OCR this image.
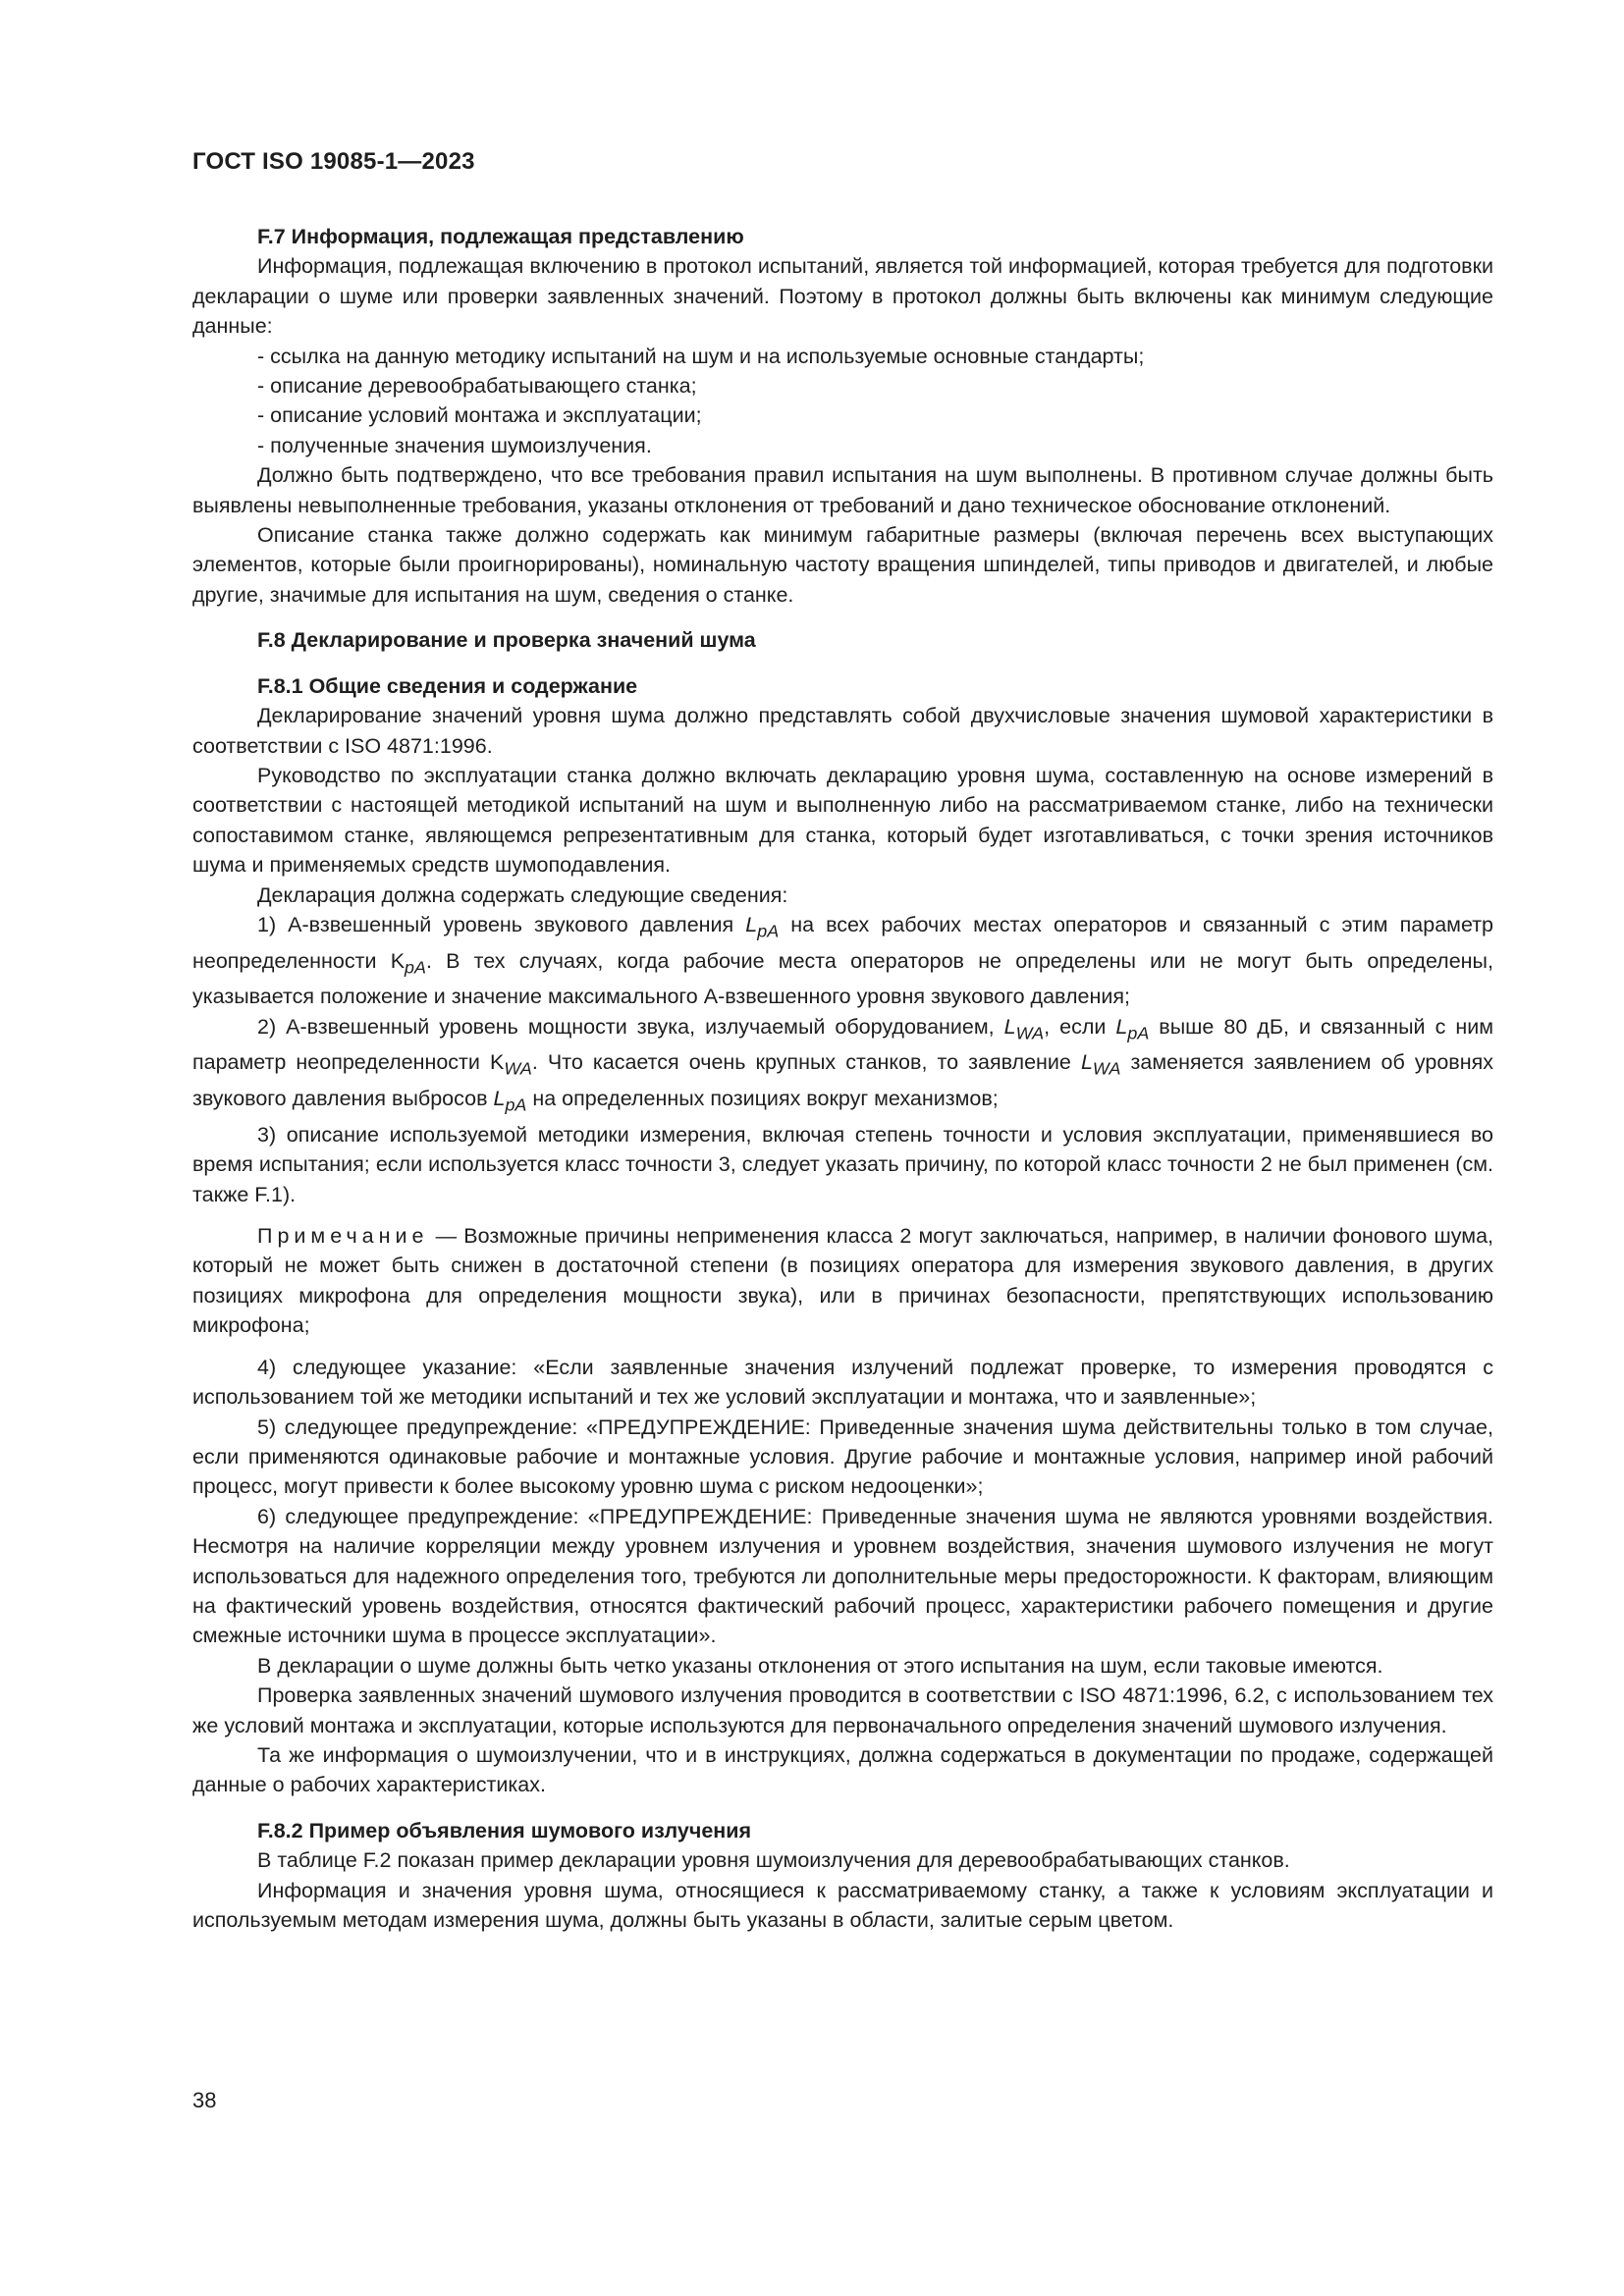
ГОСТ ISO 19085-1—2023

F.7 Информация, подлежащая представлению

Информация, подлежащая включению в протокол испытаний, является той информацией, которая требуется для подготовки декларации о шуме или проверки заявленных значений. Поэтому в протокол должны быть включены как минимум следующие данные:

- ссылка на данную методику испытаний на шум и на используемые основные стандарты;

- описание деревообрабатывающего станка;

- описание условий монтажа и эксплуатации;

- полученные значения шумоизлучения.

Должно быть подтверждено, что все требования правил испытания на шум выполнены. В противном случае должны быть выявлены невыполненные требования, указаны отклонения от требований и дано техническое обоснование отклонений.

Описание станка также должно содержать как минимум габаритные размеры (включая перечень всех выступающих элементов, которые были проигнорированы), номинальную частоту вращения шпинделей, типы приводов и двигателей, и любые другие, значимые для испытания на шум, сведения о станке.

F.8 Декларирование и проверка значений шума

F.8.1 Общие сведения и содержание

Декларирование значений уровня шума должно представлять собой двухчисловые значения шумовой характеристики в соответствии с ISO 4871:1996.

Руководство по эксплуатации станка должно включать декларацию уровня шума, составленную на основе измерений в соответствии с настоящей методикой испытаний на шум и выполненную либо на рассматриваемом станке, либо на технически сопоставимом станке, являющемся репрезентативным для станка, который будет изготавливаться, с точки зрения источников шума и применяемых средств шумоподавления.

Декларация должна содержать следующие сведения:

1) А-взвешенный уровень звукового давления $L_{pA}$ на всех рабочих местах операторов и связанный с этим параметр неопределенности $K_{pA}$. В тех случаях, когда рабочие места операторов не определены или не могут быть определены, указывается положение и значение максимального А-взвешенного уровня звукового давления;

2) А-взвешенный уровень мощности звука, излучаемый оборудованием, $L_{WA}$, если $L_{pA}$ выше 80 дБ, и связанный с ним параметр неопределенности $K_{WA}$. Что касается очень крупных станков, то заявление $L_{WA}$ заменяется заявлением об уровнях звукового давления выбросов $L_{pA}$ на определенных позициях вокруг механизмов;

3) описание используемой методики измерения, включая степень точности и условия эксплуатации, применявшиеся во время испытания; если используется класс точности 3, следует указать причину, по которой класс точности 2 не был применен (см. также F.1).

Примечание — Возможные причины неприменения класса 2 могут заключаться, например, в наличии фонового шума, который не может быть снижен в достаточной степени (в позициях оператора для измерения звукового давления, в других позициях микрофона для определения мощности звука), или в причинах безопасности, препятствующих использованию микрофона;

4) следующее указание: «Если заявленные значения излучений подлежат проверке, то измерения проводятся с использованием той же методики испытаний и тех же условий эксплуатации и монтажа, что и заявленные»;

5) следующее предупреждение: «ПРЕДУПРЕЖДЕНИЕ: Приведенные значения шума действительны только в том случае, если применяются одинаковые рабочие и монтажные условия. Другие рабочие и монтажные условия, например иной рабочий процесс, могут привести к более высокому уровню шума с риском недооценки»;

6) следующее предупреждение: «ПРЕДУПРЕЖДЕНИЕ: Приведенные значения шума не являются уровнями воздействия. Несмотря на наличие корреляции между уровнем излучения и уровнем воздействия, значения шумового излучения не могут использоваться для надежного определения того, требуются ли дополнительные меры предосторожности. К факторам, влияющим на фактический уровень воздействия, относятся фактический рабочий процесс, характеристики рабочего помещения и другие смежные источники шума в процессе эксплуатации».

В декларации о шуме должны быть четко указаны отклонения от этого испытания на шум, если таковые имеются.

Проверка заявленных значений шумового излучения проводится в соответствии с ISO 4871:1996, 6.2, с использованием тех же условий монтажа и эксплуатации, которые используются для первоначального определения значений шумового излучения.

Та же информация о шумоизлучении, что и в инструкциях, должна содержаться в документации по продаже, содержащей данные о рабочих характеристиках.

F.8.2 Пример объявления шумового излучения

В таблице F.2 показан пример декларации уровня шумоизлучения для деревообрабатывающих станков.

Информация и значения уровня шума, относящиеся к рассматриваемому станку, а также к условиям эксплуатации и используемым методам измерения шума, должны быть указаны в области, залитые серым цветом.

38
